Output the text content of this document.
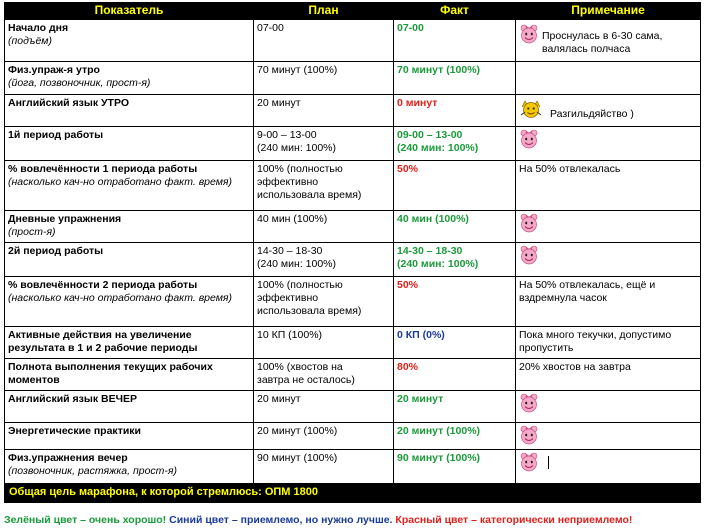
Показатель	План	Факт	Примечание

Начало дня
(подъём)	07-00	07-00	Проснулась в 6-30 сама, валялась полчаса

Физ.упраж-я утро
(йога, позвоночник, прост-я)	70 минут (100%)	70 минут (100%)	

Английский язык УТРО	20 минут	0 минут	Разгильдяйство )

1й период работы	9-00 – 13-00
(240 мин: 100%)	09-00 – 13-00
(240 мин: 100%)

% вовлечённости 1 периода работы
(насколько кач-но отработано факт. время)	100% (полностью
эффективно
использовала время)	50%	На 50% отвлекалась

Дневные упражнения
(прост-я)	40 мин (100%)	40 мин (100%)

2й период работы	14-30 – 18-30
(240 мин: 100%)	14-30 – 18-30
(240 мин: 100%)

% вовлечённости 2 периода работы
(насколько кач-но отработано факт. время)	100% (полностью
эффективно
использовала время)	50%	На 50% отвлекалась, ещё и вздремнула часок

Активные действия на увеличение
результата в 1 и 2 рабочие периоды	10 КП (100%)	0 КП (0%)	Пока много текучки, допустимо пропустить

Полнота выполнения текущих рабочих моментов	100% (хвостов на
завтра не осталось)	80%	20% хвостов на завтра

Английский язык ВЕЧЕР	20 минут	20 минут

Энергетические практики	20 минут (100%)	20 минут (100%)

Физ.упражнения вечер
(позвоночник, растяжка, прост-я)	90 минут (100%)	90 минут (100%)

Общая цель марафона, к которой стремлюсь: ОПМ 1800			
Зелёный цвет – очень хорошо! Синий цвет – приемлемо, но нужно лучше. Красный цвет – категорически неприемлемо!
